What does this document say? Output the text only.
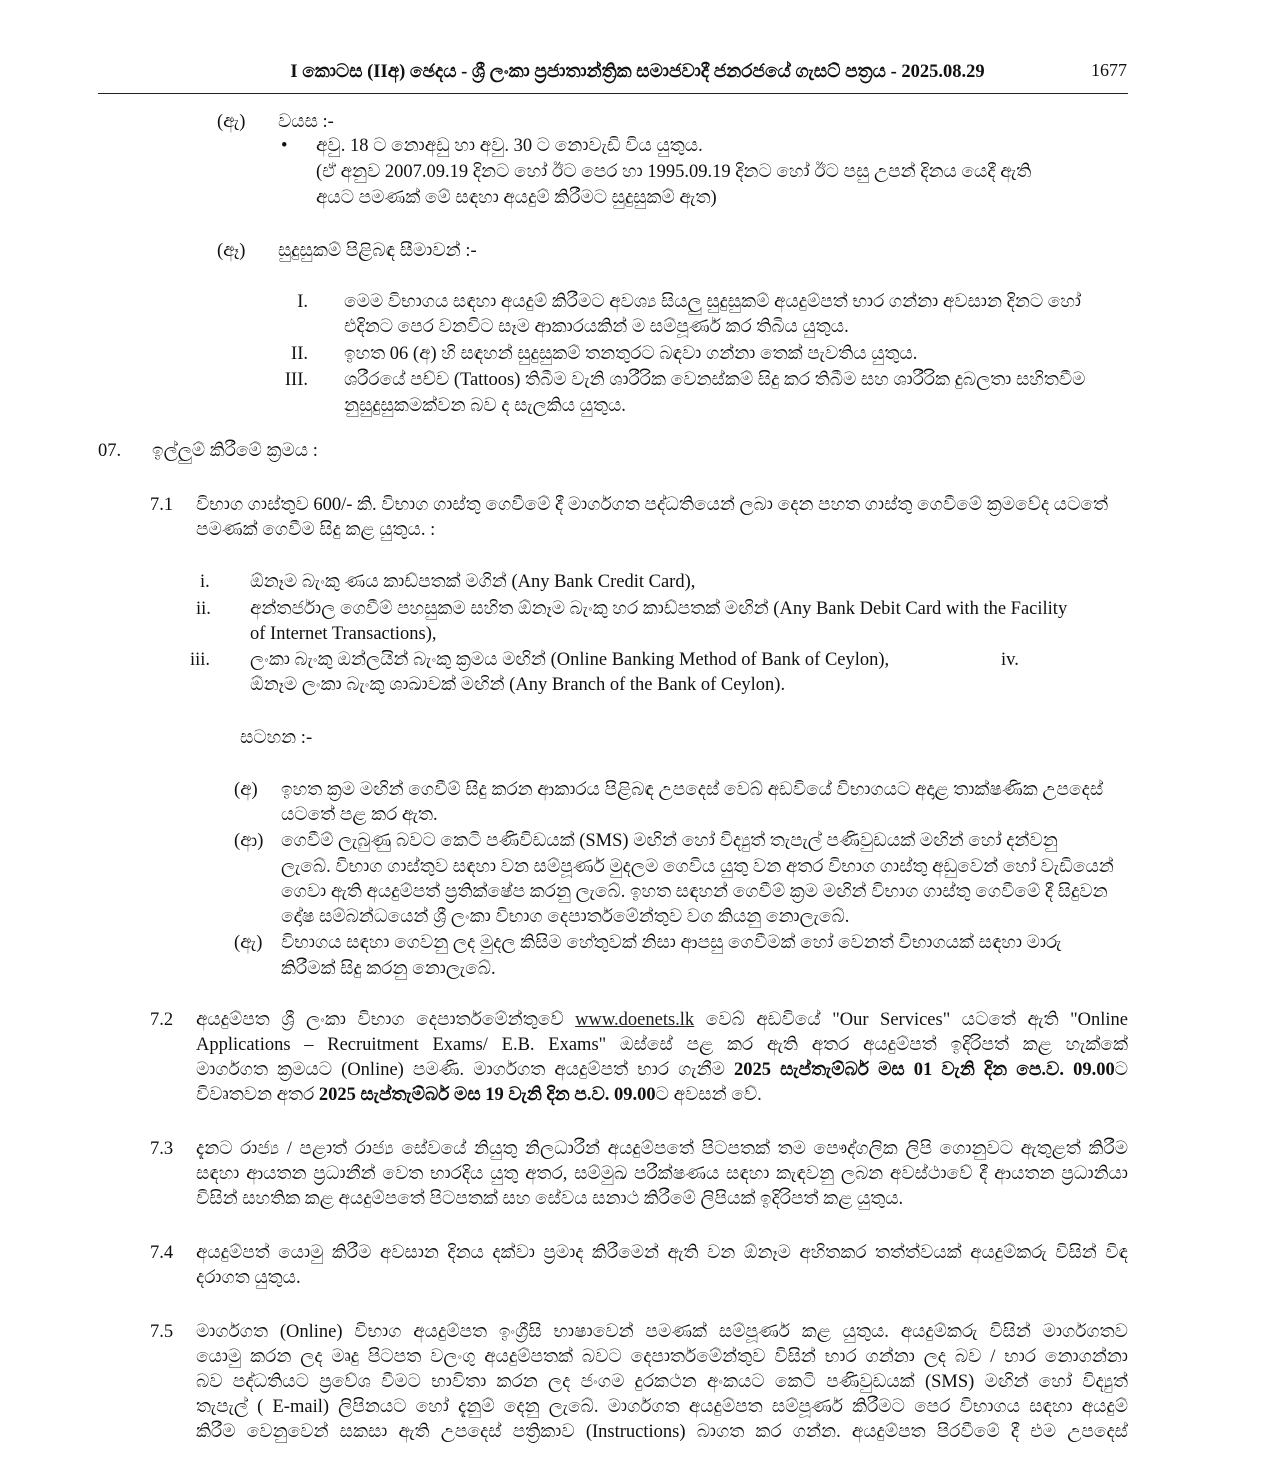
I කොටස (IIඅ) ඡෙදය - ශ්‍රී ලංකා ප්‍රජාතාන්ත්‍රික සමාජවාදී ජනරජයේ ගැසට් පත්‍රය - 2025.08.29	1677
(ඇ) වයස :-
• අවු. 18 ට නොඅඩු හා අවු. 30 ට නොවැඩි විය යුතුය.
(ඒ අනුව 2007.09.19 දිනට හෝ ඊට පෙර හා 1995.09.19 දිනට හෝ ඊට පසු උපන් දිනය යෙදී ඇති
අයට පමණක් මේ සඳහා අයදුම් කිරීමට සුදුසුකම් ඇත)
(ඈ) සුදුසුකම් පිළිබඳ සීමාවන් :-
I. මෙම විභාගය සඳහා අයදුම් කිරීමට අවශ්‍ය සියලු සුදුසුකම් අයදුම්පත් භාර ගන්නා අවසාන දිනට හෝ
එදිනට පෙර වනවිට සෑම ආකාරයකින් ම සම්පූර්ණ කර තිබිය යුතුය.
II. ඉහත 06 (අ) හි සඳහන් සුදුසුකම් තනතුරට බඳවා ගන්නා තෙක් පැවතිය යුතුය.
III. ශරීරයේ පච්ච (Tattoos) තිබීම වැනි ශාරීරික වෙනස්කම් සිදු කර තිබීම සහ ශාරීරික දුබලතා සහිතවීම
නුසුදුසුකමක්වන බව ද සැලකිය යුතුය.
07. ඉල්ලුම් කිරීමේ ක්‍රමය :
7.1 විභාග ගාස්තුව 600/- කි. විභාග ගාස්තු ගෙවීමේ දී මාර්ගගත පද්ධතියෙන් ලබා දෙන පහත ගාස්තු ගෙවීමේ ක්‍රමවේද යටතේ
පමණක් ගෙවීම සිදු කළ යුතුය. :
i. ඕනෑම බැංකු ණය කාඩ්පතක් මගින් (Any Bank Credit Card),
ii. අන්තර්ජාල ගෙවීම් පහසුකම සහිත ඕනෑම බැංකු හර කාඩ්පතක් මඟින් (Any Bank Debit Card with the Facility
of Internet Transactions),
iii. ලංකා බැංකු ඔන්ලයින් බැංකු ක්‍රමය මඟින් (Online Banking Method of Bank of Ceylon),	iv.
ඕනෑම ලංකා බැංකු ශාඛාවක් මඟින් (Any Branch of the Bank of Ceylon).
සටහන :-
(අ) ඉහත ක්‍රම මඟින් ගෙවීම් සිදු කරන ආකාරය පිළිබඳ උපදෙස් වෙබ් අඩවියේ විභාගයට අදාළ තාක්ෂණික උපදෙස්
යටතේ පළ කර ඇත.
(ආ) ගෙවීම් ලැබුණු බවට කෙටි පණිවිඩයක් (SMS) මඟින් හෝ විද්‍යුත් තැපැල් පණිවුඩයක් මඟින් හෝ දන්වනු
ලැබේ. විභාග ගාස්තුව සඳහා වන සම්පූර්ණ මුදලම ගෙවිය යුතු වන අතර විභාග ගාස්තු අඩුවෙන් හෝ වැඩියෙන්
ගෙවා ඇති අයදුම්පත් ප්‍රතික්ෂේප කරනු ලැබේ. ඉහත සඳහන් ගෙවීම් ක්‍රම මඟින් විභාග ගාස්තු ගෙවීමේ දී සිදුවන
දෝෂ සම්බන්ධයෙන් ශ්‍රී ලංකා විභාග දෙපාර්තමේන්තුව වග කියනු නොලැබේ.
(ඇ) විභාගය සඳහා ගෙවනු ලද මුදල කිසිම හේතුවක් නිසා ආපසු ගෙවීමක් හෝ වෙනත් විභාගයක් සඳහා මාරු
කිරීමක් සිදු කරනු නොලැබේ.
7.2 අයදුම්පත ශ්‍රී ලංකා විභාග දෙපාර්තමේන්තුවේ www.doenets.lk වෙබ් අඩවියේ "Our Services" යටතේ ඇති "Online
Applications – Recruitment Exams/ E.B. Exams" ඔස්සේ පළ කර ඇති අතර අයදුම්පත් ඉදිරිපත් කළ හැක්කේ
මාර්ගගත ක්‍රමයට (Online) පමණි. මාර්ගගත අයදුම්පත් භාර ගැනීම 2025 සැප්තැම්බර් මස 01 වැනි දින පෙ.ව. 09.00ට
විවෘතවන අතර 2025 සැප්තැම්බර් මස 19 වැනි දින ප.ව. 09.00ට අවසන් වේ.
7.3 දැනට රාජ්‍ය / පළාත් රාජ්‍ය සේවයේ නියුතු නිලධාරීන් අයදුම්පතේ පිටපතක් තම පෞද්ගලික ලිපි ගොනුවට ඇතුළත් කිරීම
සඳහා ආයතන ප්‍රධානීන් වෙත භාරදිය යුතු අතර, සම්මුඛ පරීක්ෂණය සඳහා කැඳවනු ලබන අවස්ථාවේ දී ආයතන ප්‍රධානියා
විසින් සහතික කළ අයදුම්පතේ පිටපතක් සහ සේවය සනාථ කිරීමේ ලිපියක් ඉදිරිපත් කළ යුතුය.
7.4 අයදුම්පත් යොමු කිරීම අවසාන දිනය දක්වා ප්‍රමාද කිරීමෙන් ඇති වන ඕනෑම අහිතකර තත්ත්වයක් අයදුම්කරු විසින් විඳ
දරාගත යුතුය.
7.5 මාර්ගගත (Online) විභාග අයදුම්පත ඉංග්‍රීසි භාෂාවෙන් පමණක් සම්පූර්ණ කළ යුතුය. අයදුම්කරු විසින් මාර්ගගතව
යොමු කරන ලද මෘදු පිටපත වලංගු අයදුම්පතක් බවට දෙපාර්තමේන්තුව විසින් භාර ගන්නා ලද බව / භාර නොගන්නා
බව පද්ධතියට ප්‍රවේශ වීමට භාවිතා කරන ලද ජංගම දුරකථන අංකයට කෙටි පණිවුඩයක් (SMS) මඟින් හෝ විද්‍යුත්
තැපැල් ( E-mail) ලිපිනයට හෝ දැනුම් දෙනු ලැබේ. මාර්ගගත අයදුම්පත සම්පූර්ණ කිරීමට පෙර විභාගය සඳහා අයදුම්
කිරීම වෙනුවෙන් සකසා ඇති උපදෙස් පත්‍රිකාව (Instructions) බාගත කර ගන්න. අයදුම්පත පිරවීමේ දී එම උපදෙස්
